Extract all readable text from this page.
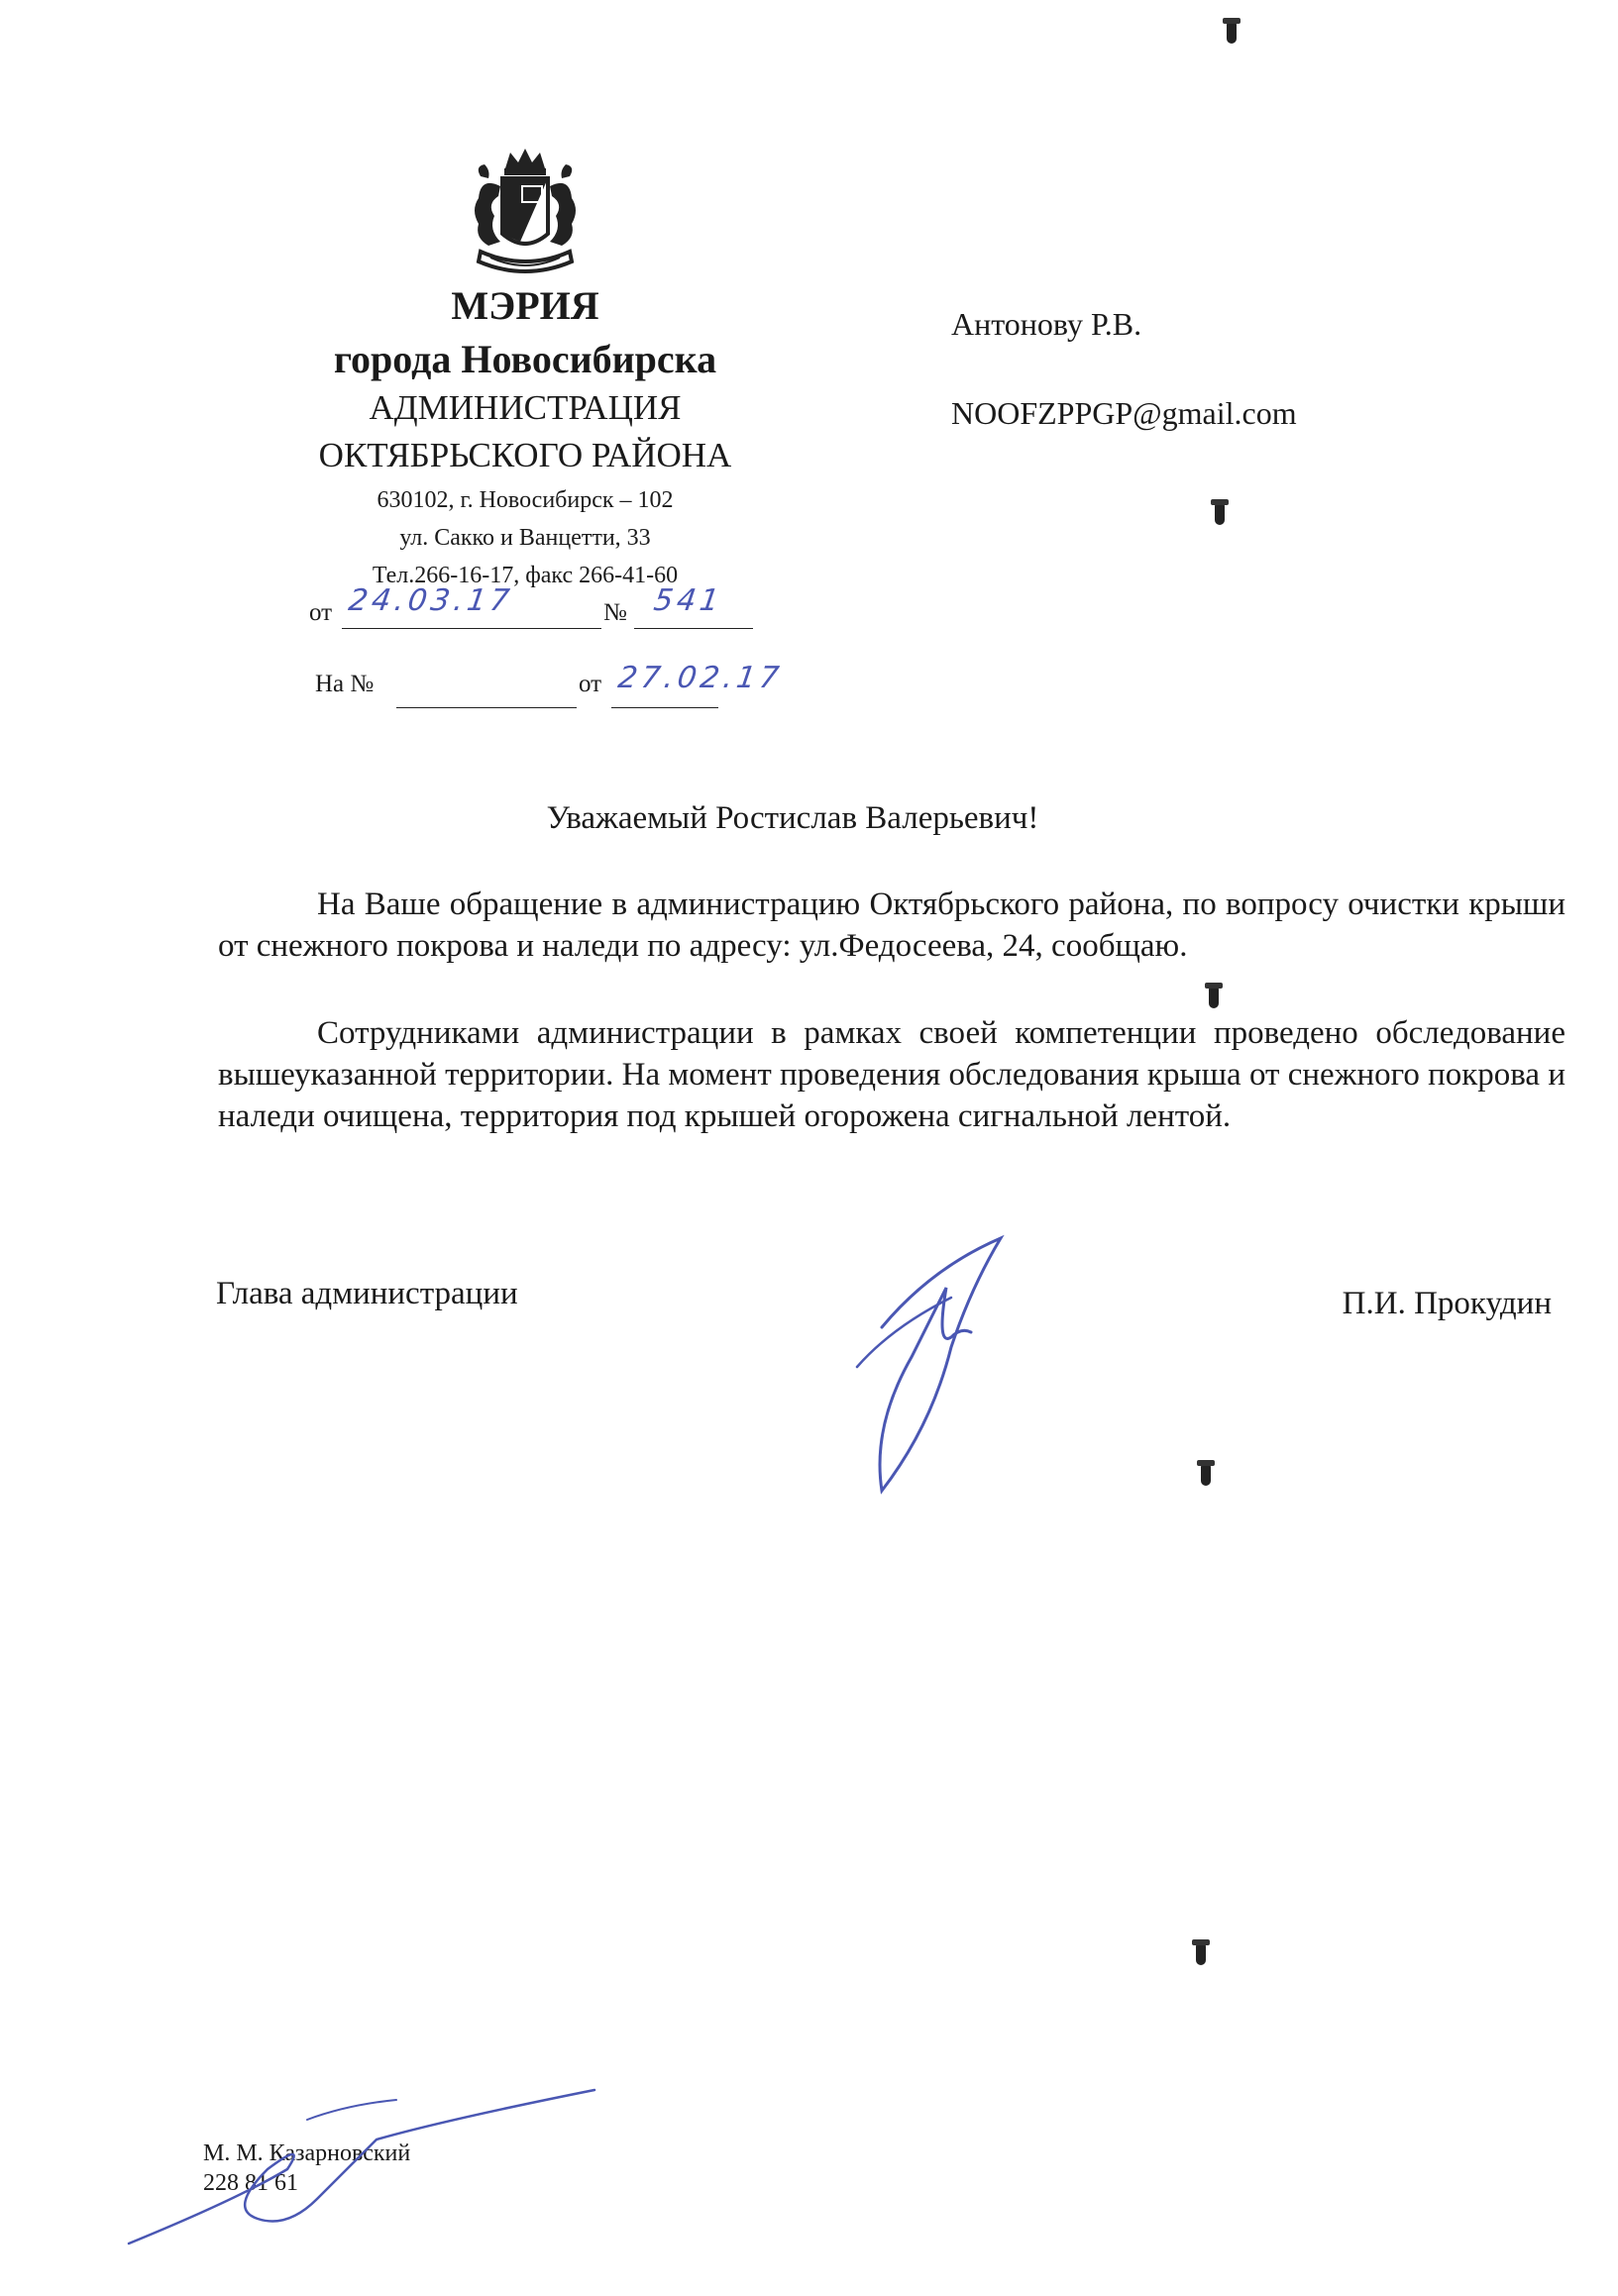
МЭРИЯ
города Новосибирска
АДМИНИСТРАЦИЯ
ОКТЯБРЬСКОГО РАЙОНА
630102, г. Новосибирск – 102
ул. Сакко и Ванцетти, 33
Тел.266-16-17, факс 266-41-60
от 24.03.17	№ 541
На №	от 27.02.17
Антонову Р.В.
NOOFZPPGP@gmail.com
Уважаемый Ростислав Валерьевич!
На Ваше обращение в администрацию Октябрьского района, по вопросу очистки крыши от снежного покрова и наледи по адресу: ул.Федосеева, 24, сообщаю.
Сотрудниками администрации в рамках своей компетенции проведено обследование вышеуказанной территории. На момент проведения обследования крыша от снежного покрова и наледи очищена, территория под крышей огорожена сигнальной лентой.
Глава администрации	П.И. Прокудин
М. М. Казарновский
228 81 61
